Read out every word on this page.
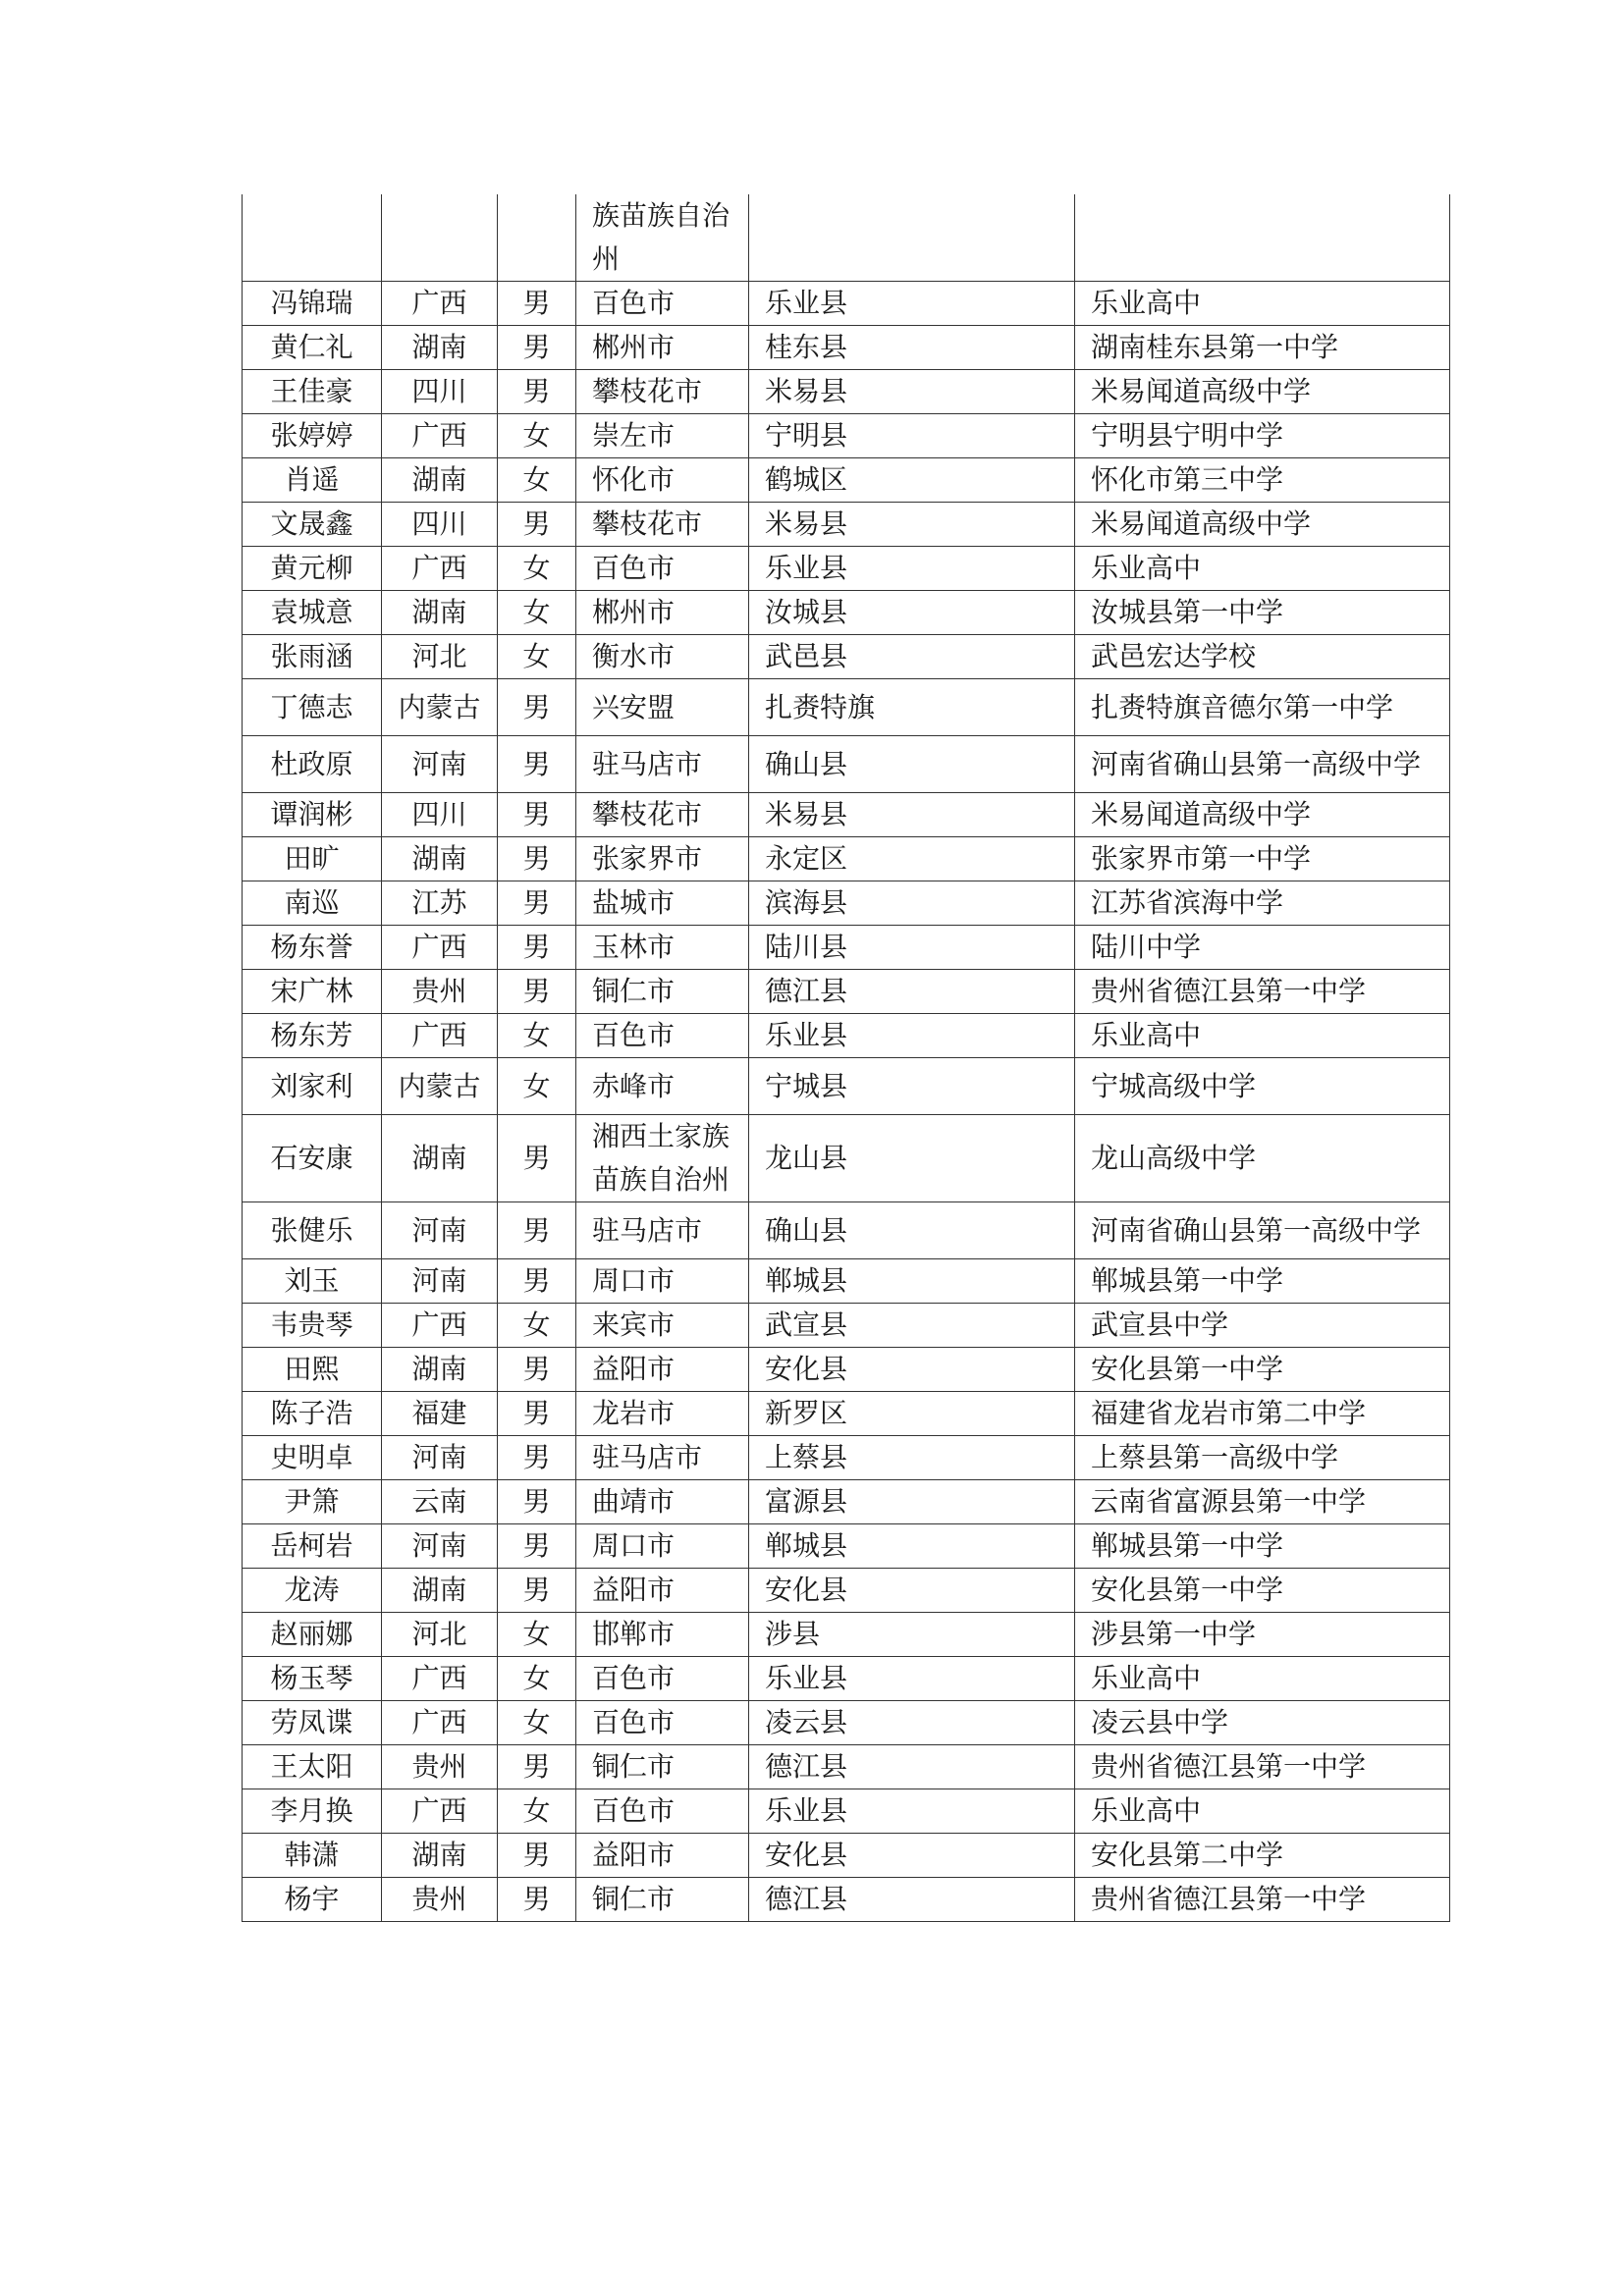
			族苗族自治州		
冯锦瑞	广西	男	百色市	乐业县	乐业高中
黄仁礼	湖南	男	郴州市	桂东县	湖南桂东县第一中学
王佳豪	四川	男	攀枝花市	米易县	米易闻道高级中学
张婷婷	广西	女	崇左市	宁明县	宁明县宁明中学
肖遥	湖南	女	怀化市	鹤城区	怀化市第三中学
文晟鑫	四川	男	攀枝花市	米易县	米易闻道高级中学
黄元柳	广西	女	百色市	乐业县	乐业高中
袁城意	湖南	女	郴州市	汝城县	汝城县第一中学
张雨涵	河北	女	衡水市	武邑县	武邑宏达学校
丁德志	内蒙古	男	兴安盟	扎赉特旗	扎赉特旗音德尔第一中学
杜政原	河南	男	驻马店市	确山县	河南省确山县第一高级中学
谭润彬	四川	男	攀枝花市	米易县	米易闻道高级中学
田旷	湖南	男	张家界市	永定区	张家界市第一中学
南巡	江苏	男	盐城市	滨海县	江苏省滨海中学
杨东誉	广西	男	玉林市	陆川县	陆川中学
宋广林	贵州	男	铜仁市	德江县	贵州省德江县第一中学
杨东芳	广西	女	百色市	乐业县	乐业高中
刘家利	内蒙古	女	赤峰市	宁城县	宁城高级中学
石安康	湖南	男	湘西土家族苗族自治州	龙山县	龙山高级中学
张健乐	河南	男	驻马店市	确山县	河南省确山县第一高级中学
刘玉	河南	男	周口市	郸城县	郸城县第一中学
韦贵琴	广西	女	来宾市	武宣县	武宣县中学
田熙	湖南	男	益阳市	安化县	安化县第一中学
陈子浩	福建	男	龙岩市	新罗区	福建省龙岩市第二中学
史明卓	河南	男	驻马店市	上蔡县	上蔡县第一高级中学
尹箫	云南	男	曲靖市	富源县	云南省富源县第一中学
岳柯岩	河南	男	周口市	郸城县	郸城县第一中学
龙涛	湖南	男	益阳市	安化县	安化县第一中学
赵丽娜	河北	女	邯郸市	涉县	涉县第一中学
杨玉琴	广西	女	百色市	乐业县	乐业高中
劳凤谍	广西	女	百色市	凌云县	凌云县中学
王太阳	贵州	男	铜仁市	德江县	贵州省德江县第一中学
李月换	广西	女	百色市	乐业县	乐业高中
韩潇	湖南	男	益阳市	安化县	安化县第二中学
杨宇	贵州	男	铜仁市	德江县	贵州省德江县第一中学
